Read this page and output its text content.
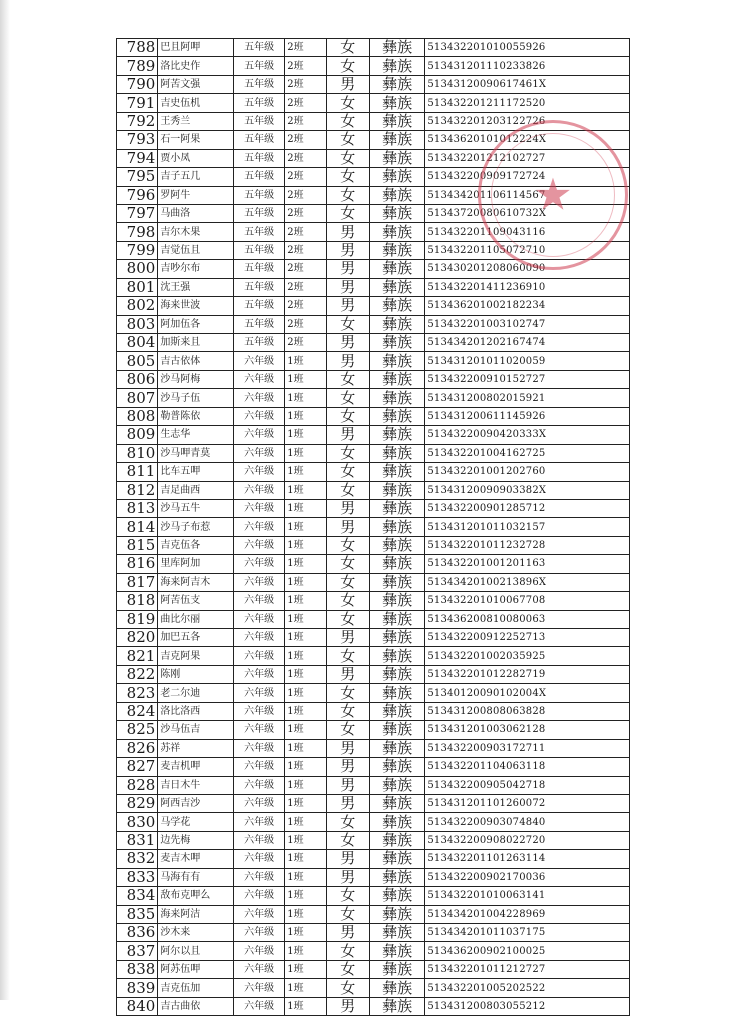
788	巴且阿呷	五年级	2班	女	彝族	513432201010055926
789	洛比史作	五年级	2班	女	彝族	513431201110233826
790	阿苦文强	五年级	2班	男	彝族	51343120090617461X
791	吉史伍机	五年级	2班	女	彝族	513432201211172520
792	王秀兰	五年级	2班	女	彝族	513432201203122726
793	石一阿果	五年级	2班	女	彝族	51343620101012224X
794	贾小凤	五年级	2班	女	彝族	513432201212102727
795	吉子五几	五年级	2班	女	彝族	513432200909172724
796	罗阿牛	五年级	2班	女	彝族	513434201106114567
797	马曲洛	五年级	2班	女	彝族	51343720080610732X
798	吉尔木果	五年级	2班	男	彝族	513432201109043116
799	吉觉伍且	五年级	2班	男	彝族	513432201105072710
800	吉吵尔布	五年级	2班	男	彝族	513430201208060090
801	沈王强	五年级	2班	男	彝族	513432201411236910
802	海来世波	五年级	2班	男	彝族	513436201002182234
803	阿加伍各	五年级	2班	女	彝族	513432201003102747
804	加斯来且	五年级	2班	男	彝族	513434201202167474
805	吉古依体	六年级	1班	男	彝族	513431201011020059
806	沙马阿梅	六年级	1班	女	彝族	513432200910152727
807	沙马子伍	六年级	1班	女	彝族	513431200802015921
808	勒普陈依	六年级	1班	女	彝族	513431200611145926
809	生志华	六年级	1班	男	彝族	51343220090420333X
810	沙马呷青莫	六年级	1班	女	彝族	513432201004162725
811	比车五呷	六年级	1班	女	彝族	513432201001202760
812	吉足曲西	六年级	1班	女	彝族	51343120090903382X
813	沙马五牛	六年级	1班	男	彝族	513432200901285712
814	沙马子布惹	六年级	1班	男	彝族	513431201011032157
815	吉克伍各	六年级	1班	女	彝族	513432201011232728
816	里库阿加	六年级	1班	女	彝族	513432201001201163
817	海来阿吉木	六年级	1班	女	彝族	51343420100213896X
818	阿苦伍支	六年级	1班	女	彝族	513432201010067708
819	曲比尔丽	六年级	1班	女	彝族	513436200810080063
820	加巴五各	六年级	1班	男	彝族	513432200912252713
821	吉克阿果	六年级	1班	女	彝族	513432201002035925
822	陈刚	六年级	1班	男	彝族	513432201012282719
823	老二尔迪	六年级	1班	女	彝族	51340120090102004X
824	洛比洛西	六年级	1班	女	彝族	513431200808063828
825	沙马伍吉	六年级	1班	女	彝族	513431201003062128
826	苏祥	六年级	1班	男	彝族	513432200903172711
827	麦吉机呷	六年级	1班	男	彝族	513432201104063118
828	吉日木牛	六年级	1班	男	彝族	513432200905042718
829	阿西吉沙	六年级	1班	男	彝族	513431201101260072
830	马学花	六年级	1班	女	彝族	513432200903074840
831	边先梅	六年级	1班	女	彝族	513432200908022720
832	麦吉木呷	六年级	1班	男	彝族	513432201101263114
833	马海有有	六年级	1班	男	彝族	513432200902170036
834	敌布克呷么	六年级	1班	女	彝族	513432201010063141
835	海来阿洁	六年级	1班	女	彝族	513434201004228969
836	沙木来	六年级	1班	男	彝族	513434201011037175
837	阿尔以且	六年级	1班	女	彝族	513436200902100025
838	阿苏伍呷	六年级	1班	女	彝族	513432201011212727
839	吉克伍加	六年级	1班	女	彝族	513432201005202522
840	吉古曲依	六年级	1班	男	彝族	513431200803055212
★
